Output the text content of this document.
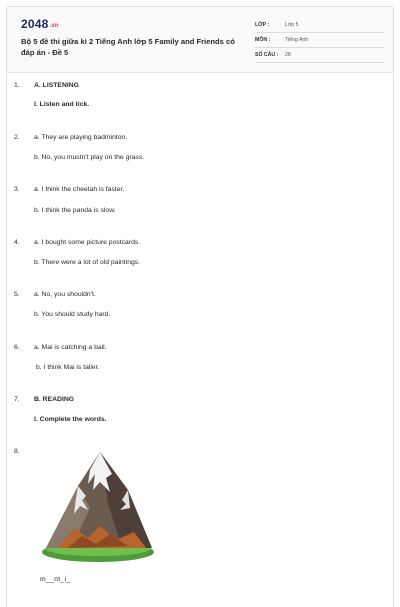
2048.vn
Bộ 5 đề thi giữa kì 2 Tiếng Anh lớp 5 Family and Friends có đáp án - Đề 5
LỚP :	Lớp 5
MÔN :	Tiếng Anh
SỐ CÂU : 28
1. A. LISTENING
I. Listen and tick.
2. a. They are playing badminton.
b. No, you mustn't play on the grass.
3. a. I think the cheetah is faster.
b. I think the panda is slow.
4. a. I bought some picture postcards.
b. There were a lot of old paintings.
5. a. No, you shouldn't.
b. You should study hard.
6. a. Mai is catching a ball.
b. I think Mai is taller.
7. B. READING
I. Complete the words.
8.
m__nt_i_
